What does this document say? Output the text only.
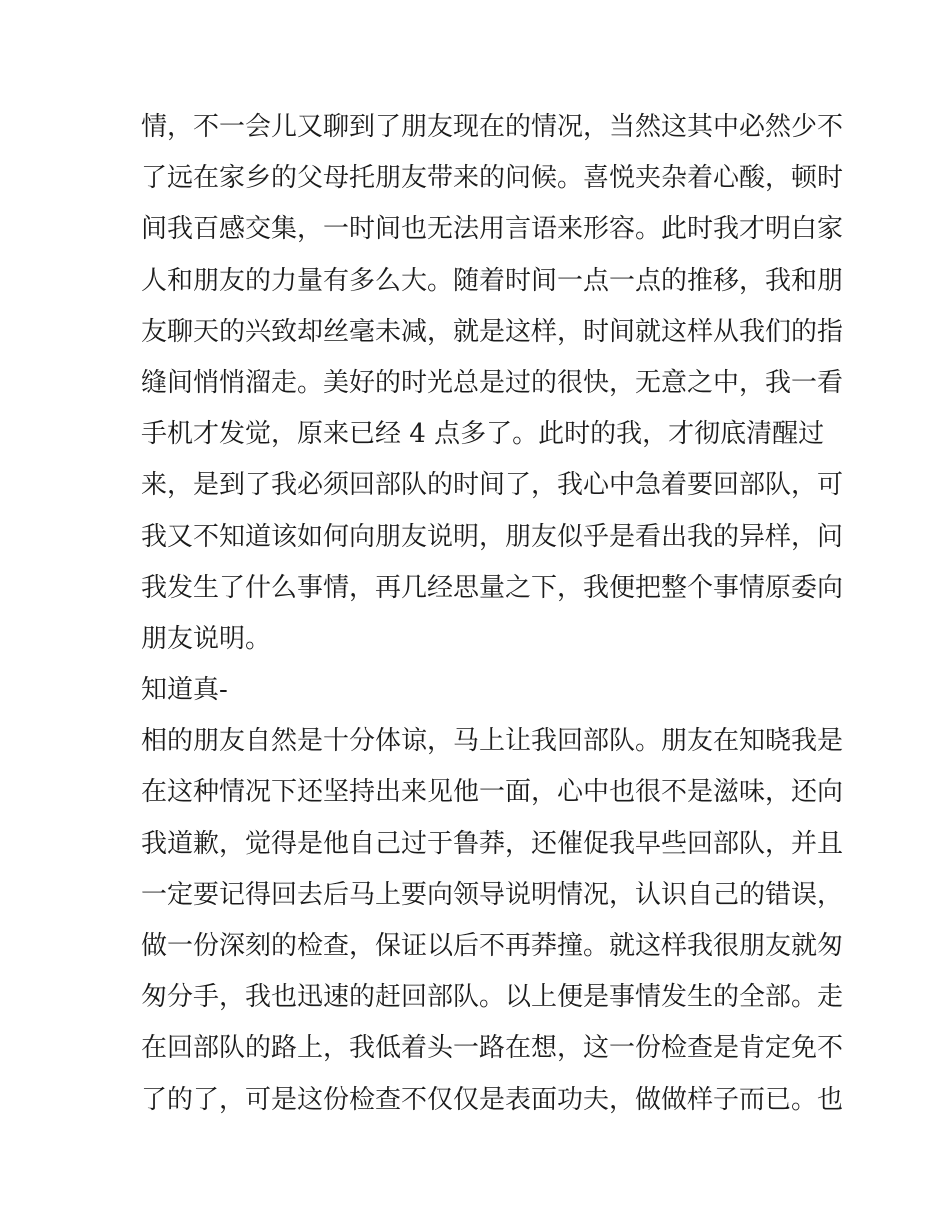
情，不一会儿又聊到了朋友现在的情况，当然这其中必然少不
了远在家乡的父母托朋友带来的问候。喜悦夹杂着心酸，顿时
间我百感交集，一时间也无法用言语来形容。此时我才明白家
人和朋友的力量有多么大。随着时间一点一点的推移，我和朋
友聊天的兴致却丝毫未减，就是这样，时间就这样从我们的指
缝间悄悄溜走。美好的时光总是过的很快，无意之中，我一看
手机才发觉，原来已经 4 点多了。此时的我，才彻底清醒过
来，是到了我必须回部队的时间了，我心中急着要回部队，可
我又不知道该如何向朋友说明，朋友似乎是看出我的异样，问
我发生了什么事情，再几经思量之下，我便把整个事情原委向
朋友说明。
知道真-
相的朋友自然是十分体谅，马上让我回部队。朋友在知晓我是
在这种情况下还坚持出来见他一面，心中也很不是滋味，还向
我道歉，觉得是他自己过于鲁莽，还催促我早些回部队，并且
一定要记得回去后马上要向领导说明情况，认识自己的错误，
做一份深刻的检查，保证以后不再莽撞。就这样我很朋友就匆
匆分手，我也迅速的赶回部队。以上便是事情发生的全部。走
在回部队的路上，我低着头一路在想，这一份检查是肯定免不
了的了，可是这份检查不仅仅是表面功夫，做做样子而已。也
